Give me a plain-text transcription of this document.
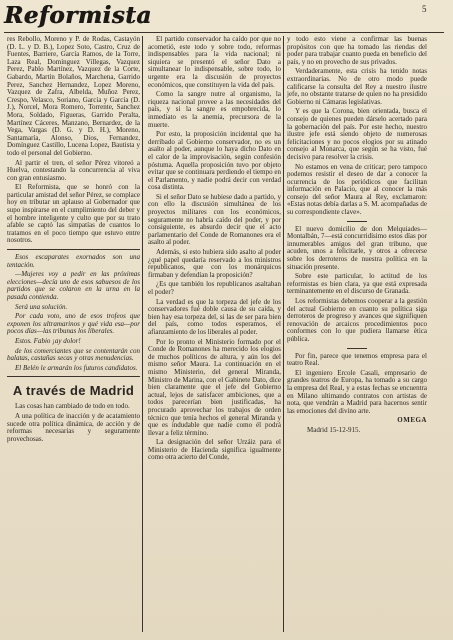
Reformista	5

res Rebollo, Moreno y P. de Rodas, Castayón (D. L. y D. B.), Lopez Soto, Castro, Cruz de Fuentes, Barriere, García Ramos, de la Torre, Laza Real, Domínguez Villegas, Vazquez Perez, Pablo Martínez, Vazquez de la Corte, Gabardo, Martín Bolaños, Marchena, Garrido Perez, Sanchez Hernandez, Lopez Moreno, Vazquez de Zafra, Albelda, Muñoz Perez, Crespo, Velasco, Soriano, García y García (D. J.), Norcel, Mora Romero, Torrente, Sanchez Mora, Soldado, Figueras, Garrido Peralta, Martínez Cáceres, Manzano, Bernardez, de la Vega, Vargas (D. G. y D. H.), Moreno, Santamaría, Alonso, Dios, Fernandez, Domínguez Castillo, Lucena Lopez, Bautista y todo el personal del Gobierno.

Al partir el tren, el señor Pérez vitoreó a Huelva, contestando la concurrencia al viva con gran entusiasmo.

El Reformista, que se honró con la particular amistad del señor Pérez, se complace hoy en tributar un aplauso al Gobernador que supo inspirarse en el cumplimiento del deber y el hombre inteligente y culto que por su trato afable se captó las simpatías de cuantos lo tratamos en el poco tiempo que estuvo entre nosotros.

Esos escaparates exornados son una tentación.

—Mujeres voy a pedir en las próximas elecciones—decía uno de esos sabuesos de los partidos que se colaron en la urna en la pasada contienda.

Será una solución.

Por cada voto, uno de esos trofeos que exponen los ultramarinos y qué vida esa—por pocos días—las tribunas los liberales.

Estos. Fabio ¡ay dolor!

de los comerciantes que se contentarán con balatas, castañas secas y otras menudencias.

El Belén le armarán los futuros candidatos.

A través de Madrid

Las cosas han cambiado de todo en todo.

A una política de inacción y de acatamiento sucede otra política dinámica, de acción y de reformas necesarias y seguramente provechosas.

El partido conservador ha caído por que no acometió, este todo y sobre todo, reformas indispensables para la vida nacional; ni siquiera se presentó el señor Dato a simultanear lo indispensable, sobre todo, lo urgente era la discusión de proyectos económicos, que constituyen la vida del país.

Como la sangre nutre al organismo, la riqueza nacional provee a las necesidades del país, y si la sangre es empobrecida, lo inmediato es la anemia, precursora de la muerte.

Por esto, la proposición incidental que ha derribado al Gobierno conservador, no es un asalto al poder, aunque lo haya dicho Dato en el calor de la improvisación, según confesión póstuma. Aquella proposición tuvo por objeto evitar que se continuara perdiendo el tiempo en el Parlamento, y nadie podrá decir con verdad cosa distinta.

Si el señor Dato se hubiese dado a partido, y con ello la discusión simultánea de los proyectos militares con los económicos, seguramente no habría caído del poder, y por consiguiente, es absurdo decir que el acto parlamentario del Conde de Romanones era el asalto al poder.

Además, si esto hubiera sido asalto al poder ¿qué papel quedaría reservado a los ministros republicanos, que con los monárquicos firmaban y defendían la proposición?

¿Es que también los republicanos asaltaban el poder?

La verdad es que la torpeza del jefe de los conservadores fué doble causa de su caída, y bien hay esa torpeza del, si las de ser para bien del país, como todos esperamos, el afianzamiento de los liberales al poder.

Por lo pronto el Ministerio formado por el Conde de Romanones ha merecido los elogios de muchos políticos de altura, y aún los del mismo señor Maura. La continuación en el mismo Ministerio, del general Miranda, Ministro de Marina, con el Gabinete Dato, dice bien claramente que el jefe del Gobierno actual, lejos de satisfacer ambiciones, que a todos parecerían bien justificadas, ha procurado aprovechar los trabajos de orden técnico que tenía hechos el general Miranda y que es indudable que nadie como él podrá llevar a feliz término.

La designación del señor Urzáiz para el Ministerio de Hacienda significa igualmente como otra acierto del Conde,

y todo esto viene a confirmar las buenas propósitos con que ha tomado las riendas del poder para trabajar cuanto pueda en beneficio del país, y no en provecho de sus privados.

Verdaderamente, esta crisis ha tenido notas extraordinarias. No de otro modo puede calificarse la consulta del Rey a nuestro ilustre jefe, no obstante tratarse de quien no ha presidido Gobierno ni Cámaras legislativas.

Y es que la Corona, bien orientada, busca el consejo de quienes pueden dárselo acertado para la gobernación del país. Por este hecho, nuestro ilustre jefe está siendo objeto de numerosas felicitaciones y no pocos elogios por su atinado consejo al Monarca, que según se ha visto, fué decisivo para resolver la crisis.

No estamos en vena de criticar; pero tampoco podemos resistir el deseo de dar a conocer la ocurrencia de los periódicos que facilitan información en Palacio, que al conocer la más consejo del señor Maura al Rey, exclamaron: «Estas notas debía darlas a S. M. acompañadas de su correspondiente clave».

El nuevo domicilio de don Melquiades—Montalbán, 7—está concurridísimo estos días por innumerables amigos del gran tribuno, que acuden, unos a felicitarle, y otros a ofrecerse sobre los derroteros de nuestra política en la situación presente.

Sobre este particular, lo actitud de los reformistas es bien clara, ya que está expresada terminantemente en el discurso de Granada.

Los reformistas debemos cooperar a la gestión del actual Gobierno en cuanto su política siga derroteros de progreso y avances que signifiquen renovación de arcaicos procedimientos poco conformes con lo que pudiera llamarse ética pública.

Por fin, parece que tenemos empresa para el teatro Real.

El ingeniero Ercole Casali, empresario de grandes teatros de Europa, ha tomado a su cargo la empresa del Real, y a estas fechas se encuentra en Milano ultimando contratos con artistas de nota, que vendrán a Madrid para hacernos sentir las emociones del divino arte.

OMEGA

Madrid 15-12-915.
